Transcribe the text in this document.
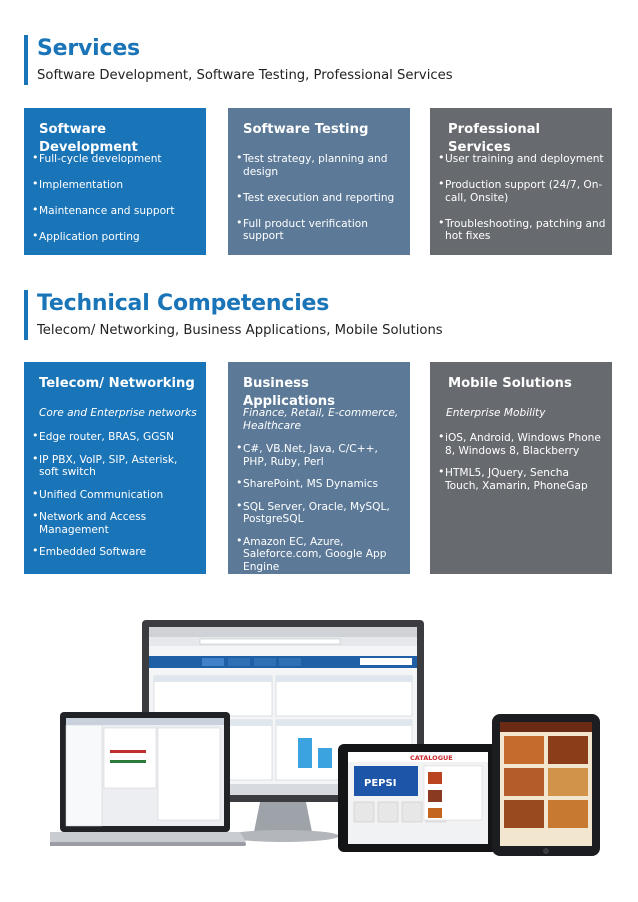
Services
Software Development, Software Testing, Professional Services
Software Development
• Full-cycle development
• Implementation
• Maintenance and support
• Application porting
Software Testing
• Test strategy, planning and design
• Test execution and reporting
• Full product verification support
Professional Services
• User training and deployment
• Production support (24/7, On-call, Onsite)
• Troubleshooting, patching and hot fixes
Technical Competencies
Telecom/ Networking, Business Applications, Mobile Solutions
Telecom/ Networking
Core and Enterprise networks
• Edge router, BRAS, GGSN
• IP PBX, VoIP, SIP, Asterisk, soft switch
• Unified Communication
• Network and Access Management
• Embedded Software
Business Applications
Finance, Retail, E-commerce, Healthcare
• C#, VB.Net, Java, C/C++, PHP, Ruby, Perl
• SharePoint, MS Dynamics
• SQL Server, Oracle, MySQL, PostgreSQL
• Amazon EC, Azure, Saleforce.com, Google App Engine
Mobile Solutions
Enterprise Mobility
• iOS, Android, Windows Phone 8, Windows 8, Blackberry
• HTML5, JQuery, Sencha Touch, Xamarin, PhoneGap
CATALOGUE
PEPSI
